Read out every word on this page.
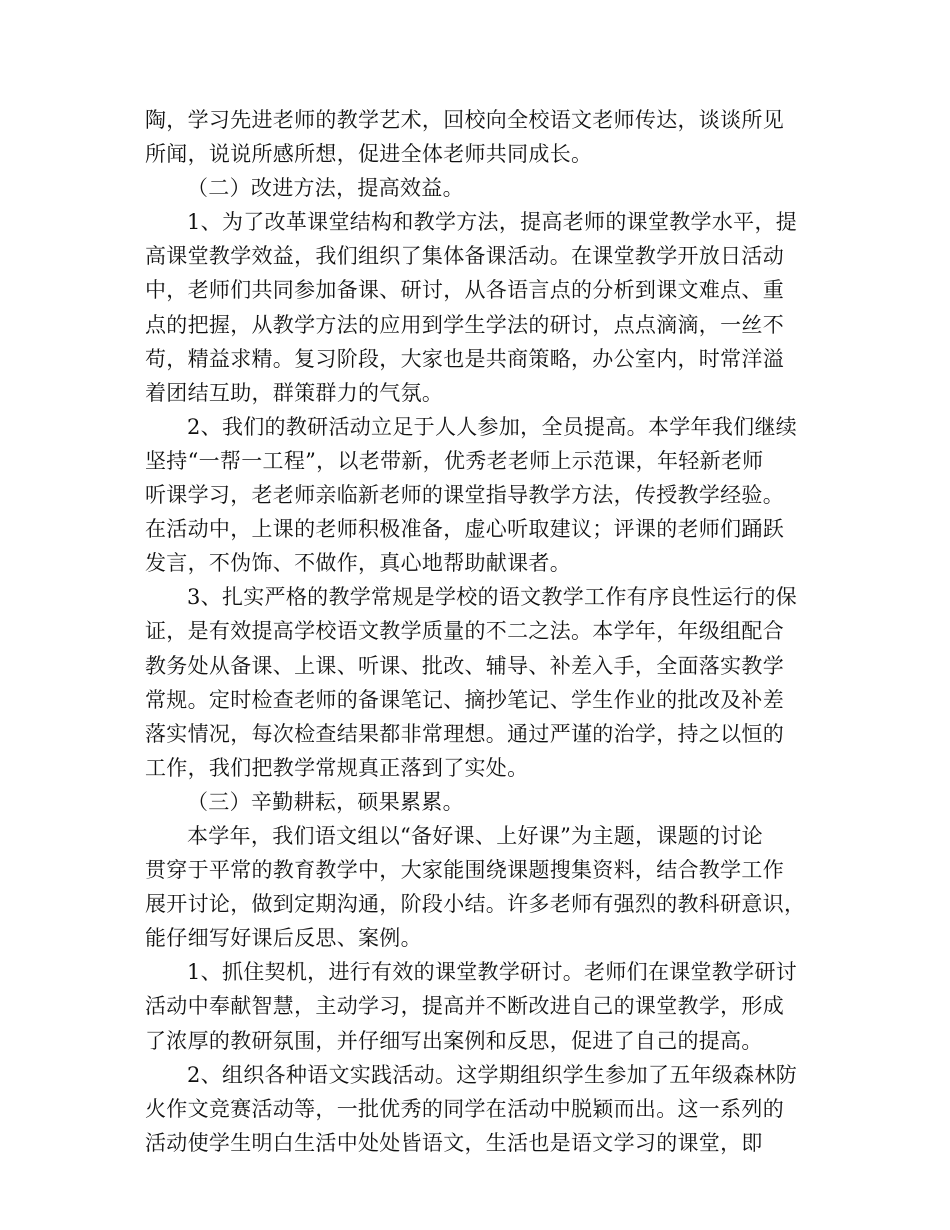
陶，学习先进老师的教学艺术，回校向全校语文老师传达，谈谈所见
所闻，说说所感所想，促进全体老师共同成长。
（二）改进方法，提高效益。
1、为了改革课堂结构和教学方法，提高老师的课堂教学水平，提
高课堂教学效益，我们组织了集体备课活动。在课堂教学开放日活动
中，老师们共同参加备课、研讨，从各语言点的分析到课文难点、重
点的把握，从教学方法的应用到学生学法的研讨，点点滴滴，一丝不
苟，精益求精。复习阶段，大家也是共商策略，办公室内，时常洋溢
着团结互助，群策群力的气氛。
2、我们的教研活动立足于人人参加，全员提高。本学年我们继续
坚持“一帮一工程”，以老带新，优秀老老师上示范课，年轻新老师
听课学习，老老师亲临新老师的课堂指导教学方法，传授教学经验。
在活动中，上课的老师积极准备，虚心听取建议；评课的老师们踊跃
发言，不伪饰、不做作，真心地帮助献课者。
3、扎实严格的教学常规是学校的语文教学工作有序良性运行的保
证，是有效提高学校语文教学质量的不二之法。本学年，年级组配合
教务处从备课、上课、听课、批改、辅导、补差入手，全面落实教学
常规。定时检查老师的备课笔记、摘抄笔记、学生作业的批改及补差
落实情况，每次检查结果都非常理想。通过严谨的治学，持之以恒的
工作，我们把教学常规真正落到了实处。
（三）辛勤耕耘，硕果累累。
本学年，我们语文组以“备好课、上好课”为主题，课题的讨论
贯穿于平常的教育教学中，大家能围绕课题搜集资料，结合教学工作
展开讨论，做到定期沟通，阶段小结。许多老师有强烈的教科研意识，
能仔细写好课后反思、案例。
1、抓住契机，进行有效的课堂教学研讨。老师们在课堂教学研讨
活动中奉献智慧，主动学习，提高并不断改进自己的课堂教学，形成
了浓厚的教研氛围，并仔细写出案例和反思，促进了自己的提高。
2、组织各种语文实践活动。这学期组织学生参加了五年级森林防
火作文竞赛活动等，一批优秀的同学在活动中脱颖而出。这一系列的
活动使学生明白生活中处处皆语文，生活也是语文学习的课堂，即
